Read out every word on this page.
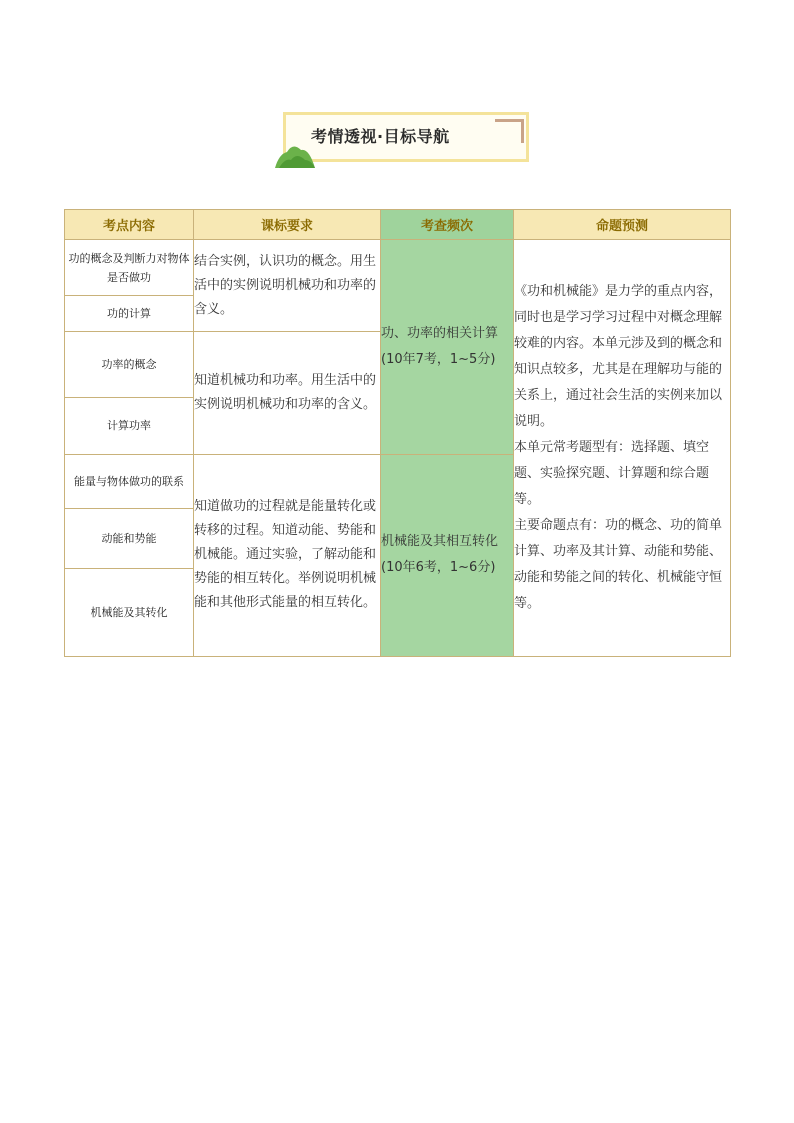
考情透视·目标导航
考点内容	课标要求	考查频次	命题预测
功的概念及判断力对物体是否做功	结合实例，认识功的概念。用生活中的实例说明机械功和功率的含义。	功、功率的相关计算(10年7考，1~5分)	《功和机械能》是力学的重点内容，同时也是学习学习过程中对概念理解较难的内容。本单元涉及到的概念和知识点较多，尤其是在理解功与能的关系上，通过社会生活的实例来加以说明。

本单元常考题型有：选择题、填空题、实验探究题、计算题和综合题等。

主要命题点有：功的概念、功的简单计算、功率及其计算、动能和势能、动能和势能之间的转化、机械能守恒等。

功的计算			
功率的概念	知道机械功和功率。用生活中的实例说明机械功和功率的含义。		
计算功率			
能量与物体做功的联系	知道做功的过程就是能量转化或转移的过程。知道动能、势能和机械能。通过实验，了解动能和势能的相互转化。举例说明机械能和其他形式能量的相互转化。	机械能及其相互转化(10年6考，1~6分)	
动能和势能			
机械能及其转化			
